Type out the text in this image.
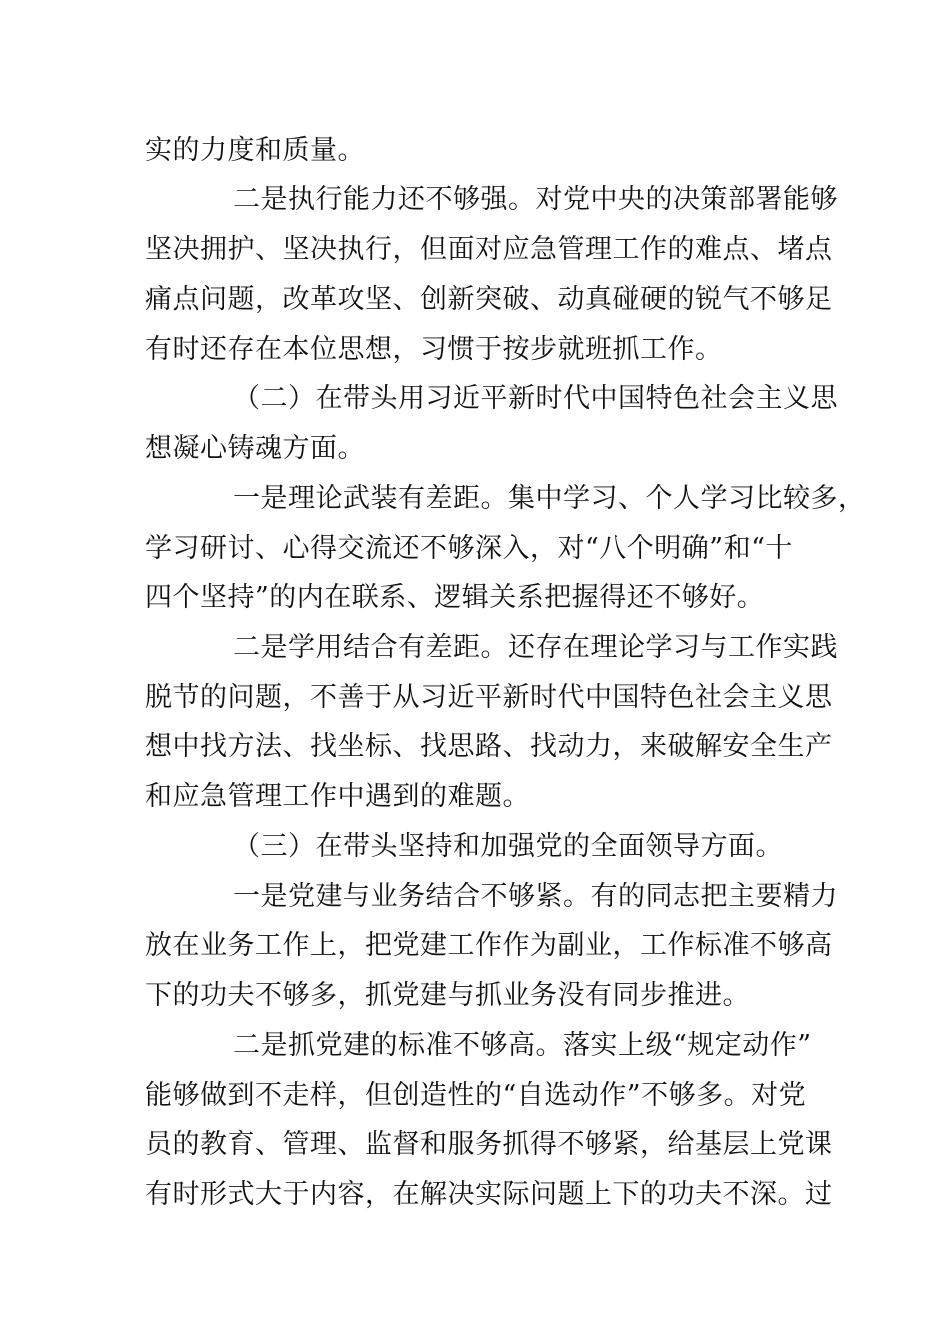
实的力度和质量。
二是执行能力还不够强。对党中央的决策部署能够
坚决拥护、坚决执行，但面对应急管理工作的难点、堵点
痛点问题，改革攻坚、创新突破、动真碰硬的锐气不够足
有时还存在本位思想，习惯于按步就班抓工作。
（二）在带头用习近平新时代中国特色社会主义思
想凝心铸魂方面。
一是理论武装有差距。集中学习、个人学习比较多，
学习研讨、心得交流还不够深入，对“八个明确”和“十
四个坚持”的内在联系、逻辑关系把握得还不够好。
二是学用结合有差距。还存在理论学习与工作实践
脱节的问题，不善于从习近平新时代中国特色社会主义思
想中找方法、找坐标、找思路、找动力，来破解安全生产
和应急管理工作中遇到的难题。
（三）在带头坚持和加强党的全面领导方面。
一是党建与业务结合不够紧。有的同志把主要精力
放在业务工作上，把党建工作作为副业，工作标准不够高
下的功夫不够多，抓党建与抓业务没有同步推进。
二是抓党建的标准不够高。落实上级“规定动作”
能够做到不走样，但创造性的“自选动作”不够多。对党
员的教育、管理、监督和服务抓得不够紧，给基层上党课
有时形式大于内容，在解决实际问题上下的功夫不深。过
